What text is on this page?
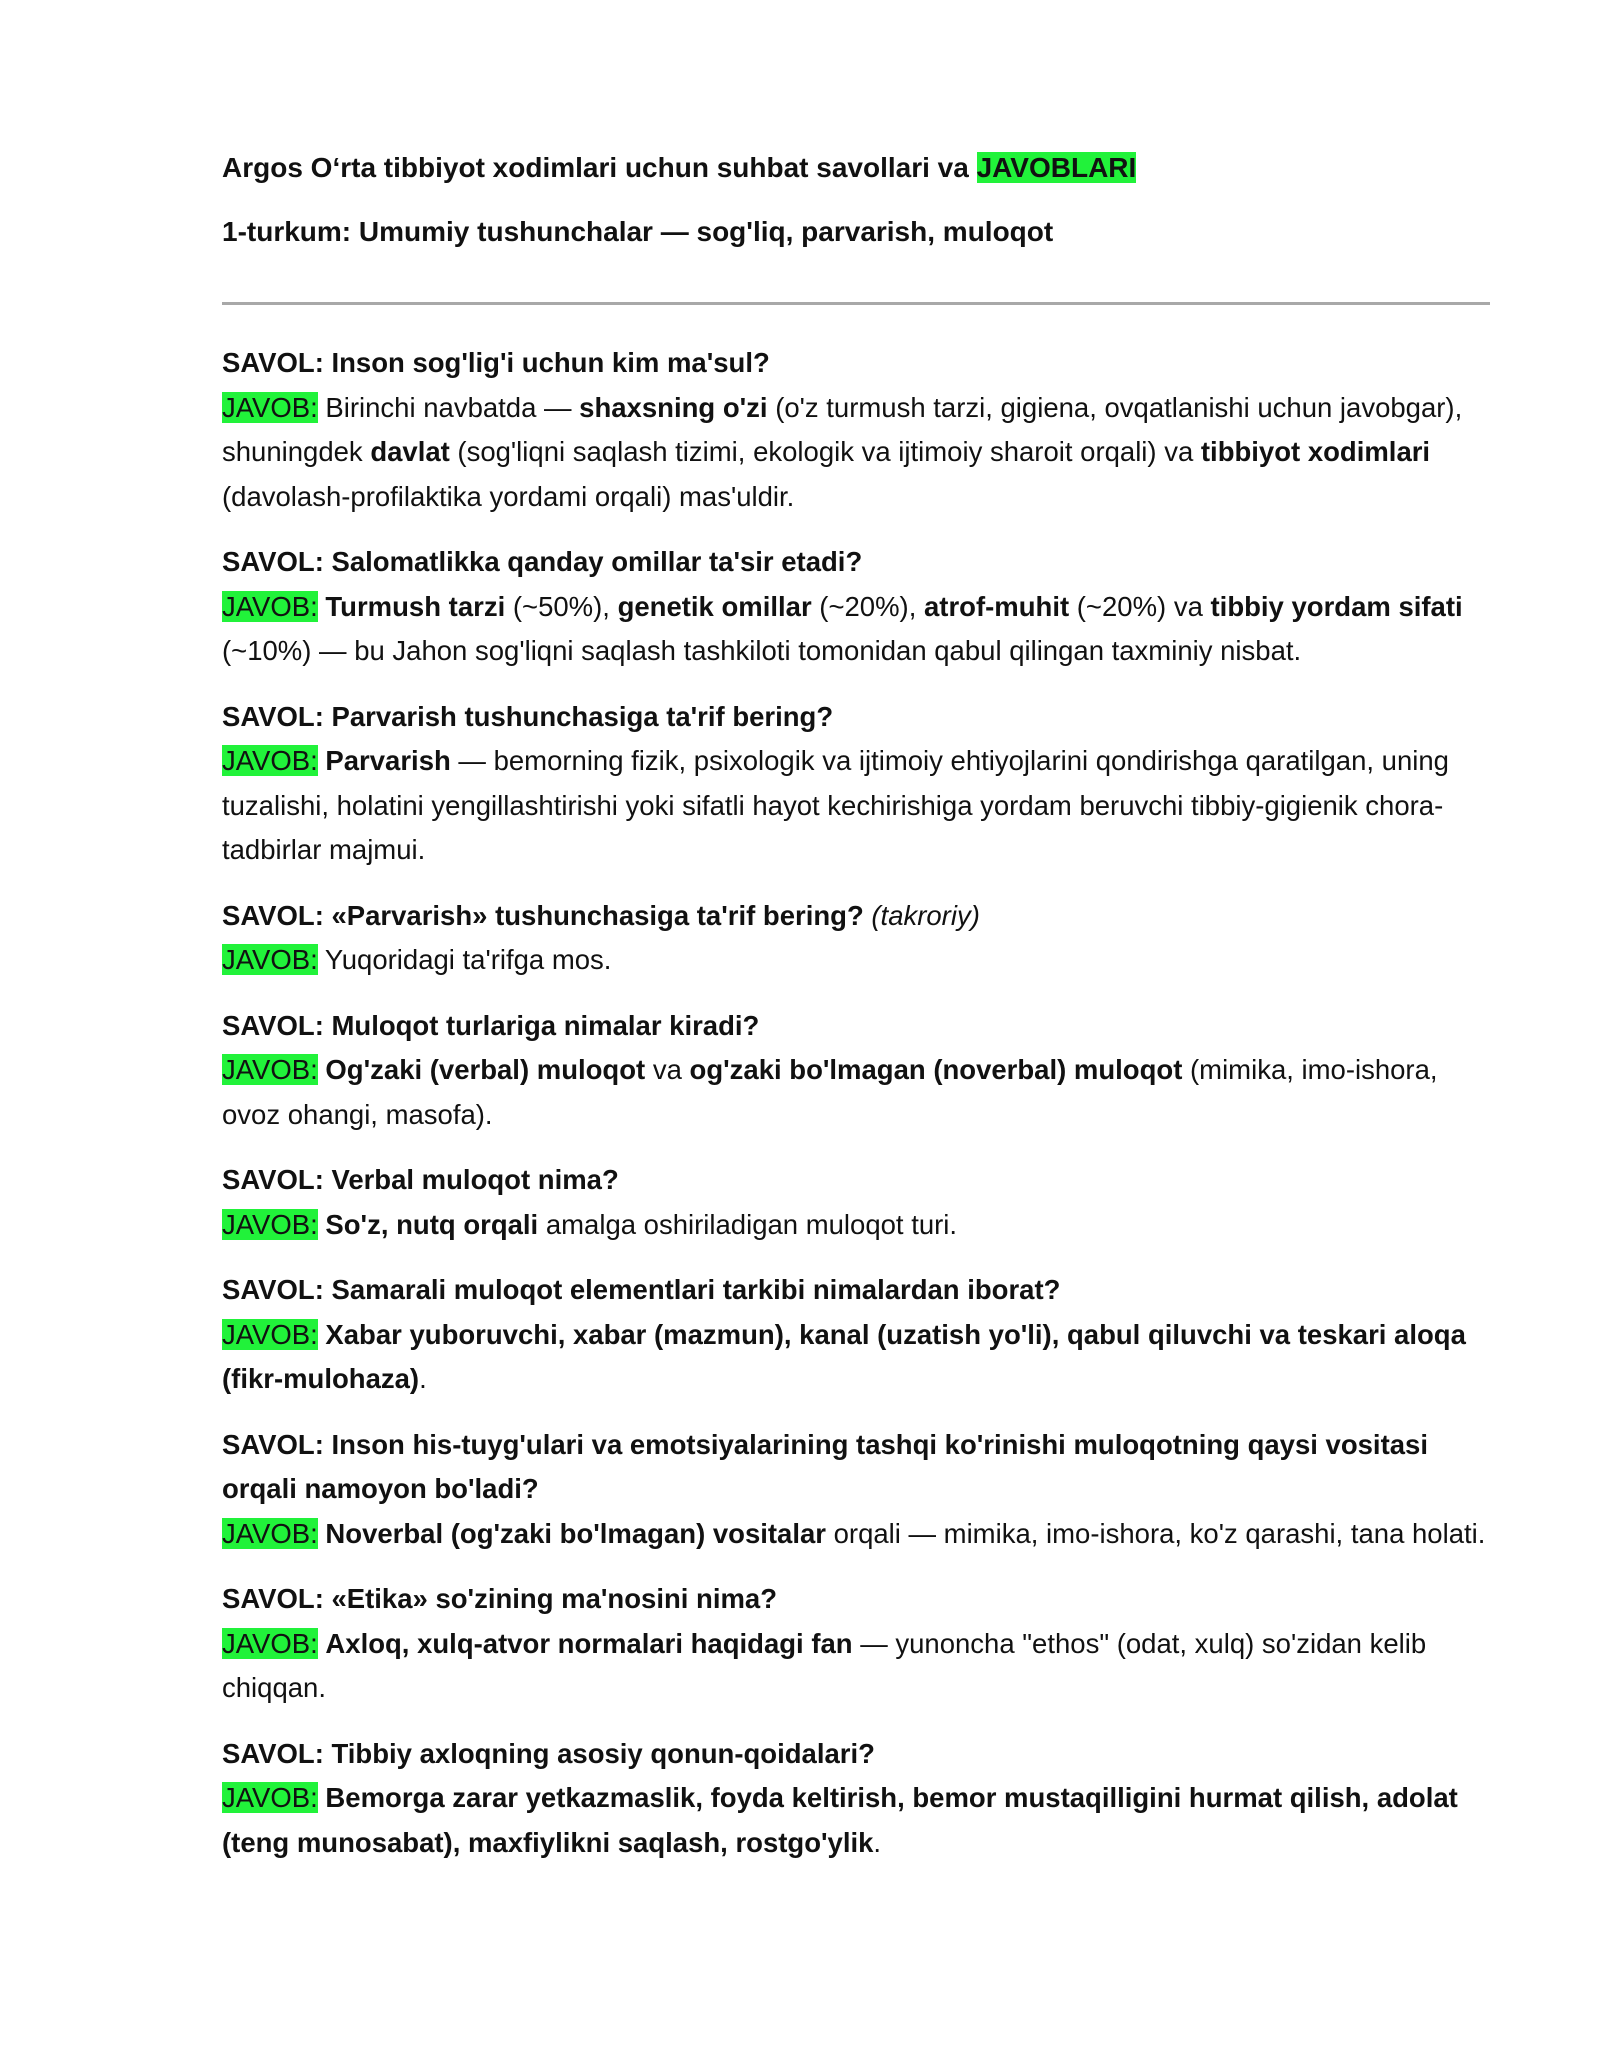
Argos O‘rta tibbiyot xodimlari uchun suhbat savollari va JAVOBLARI
1-turkum: Umumiy tushunchalar — sog'liq, parvarish, muloqot
SAVOL: Inson sog'lig'i uchun kim ma'sul?
JAVOB: Birinchi navbatda — shaxsning o'zi (o'z turmush tarzi, gigiena, ovqatlanishi uchun javobgar), shuningdek davlat (sog'liqni saqlash tizimi, ekologik va ijtimoiy sharoit orqali) va tibbiyot xodimlari (davolash-profilaktika yordami orqali) mas'uldir.
SAVOL: Salomatlikka qanday omillar ta'sir etadi?
JAVOB: Turmush tarzi (~50%), genetik omillar (~20%), atrof-muhit (~20%) va tibbiy yordam sifati (~10%) — bu Jahon sog'liqni saqlash tashkiloti tomonidan qabul qilingan taxminiy nisbat.
SAVOL: Parvarish tushunchasiga ta'rif bering?
JAVOB: Parvarish — bemorning fizik, psixologik va ijtimoiy ehtiyojlarini qondirishga qaratilgan, uning tuzalishi, holatini yengillashtirishi yoki sifatli hayot kechirishiga yordam beruvchi tibbiy-gigienik chora-tadbirlar majmui.
SAVOL: «Parvarish» tushunchasiga ta'rif bering? (takroriy)
JAVOB: Yuqoridagi ta'rifga mos.
SAVOL: Muloqot turlariga nimalar kiradi?
JAVOB: Og'zaki (verbal) muloqot va og'zaki bo'lmagan (noverbal) muloqot (mimika, imo-ishora, ovoz ohangi, masofa).
SAVOL: Verbal muloqot nima?
JAVOB: So'z, nutq orqali amalga oshiriladigan muloqot turi.
SAVOL: Samarali muloqot elementlari tarkibi nimalardan iborat?
JAVOB: Xabar yuboruvchi, xabar (mazmun), kanal (uzatish yo'li), qabul qiluvchi va teskari aloqa (fikr-mulohaza).
SAVOL: Inson his-tuyg'ulari va emotsiyalarining tashqi ko'rinishi muloqotning qaysi vositasi orqali namoyon bo'ladi?
JAVOB: Noverbal (og'zaki bo'lmagan) vositalar orqali — mimika, imo-ishora, ko'z qarashi, tana holati.
SAVOL: «Etika» so'zining ma'nosini nima?
JAVOB: Axloq, xulq-atvor normalari haqidagi fan — yunoncha "ethos" (odat, xulq) so'zidan kelib chiqqan.
SAVOL: Tibbiy axloqning asosiy qonun-qoidalari?
JAVOB: Bemorga zarar yetkazmaslik, foyda keltirish, bemor mustaqilligini hurmat qilish, adolat (teng munosabat), maxfiylikni saqlash, rostgo'ylik.
